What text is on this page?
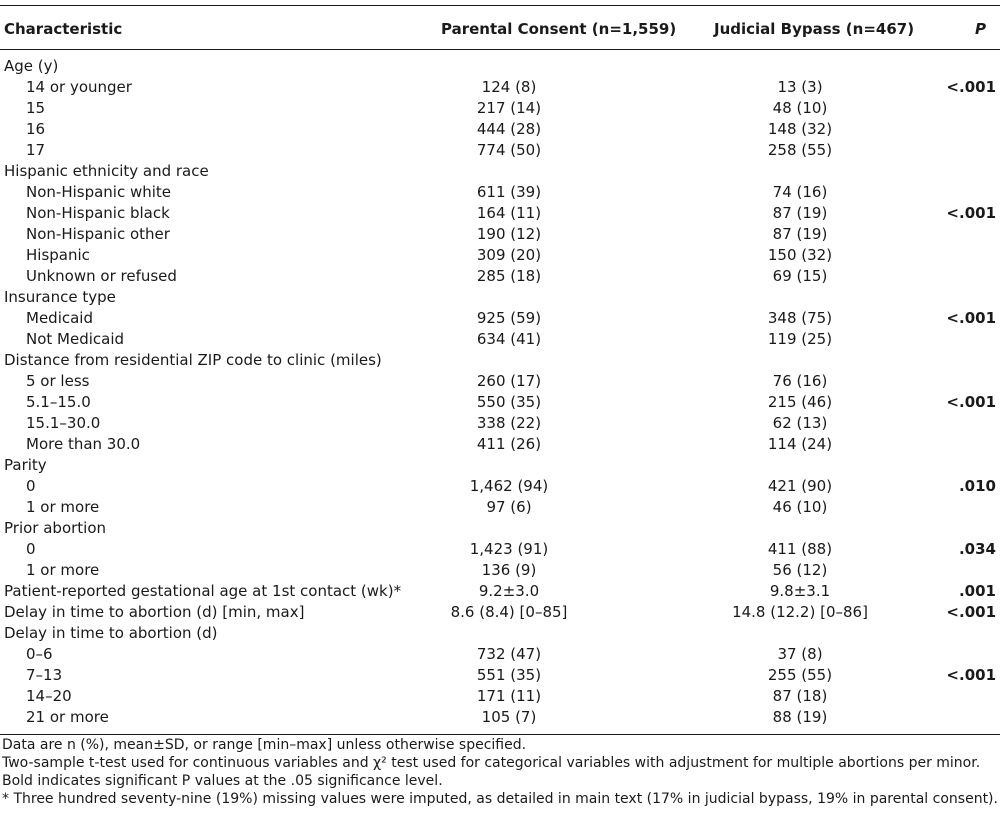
Characteristic	Parental Consent (n=1,559)	Judicial Bypass (n=467)	P
Age (y)
14 or younger	124 (8)	13 (3)	<.001
15	217 (14)	48 (10)
16	444 (28)	148 (32)
17	774 (50)	258 (55)
Hispanic ethnicity and race
Non-Hispanic white	611 (39)	74 (16)
Non-Hispanic black	164 (11)	87 (19)	<.001
Non-Hispanic other	190 (12)	87 (19)
Hispanic	309 (20)	150 (32)
Unknown or refused	285 (18)	69 (15)
Insurance type
Medicaid	925 (59)	348 (75)	<.001
Not Medicaid	634 (41)	119 (25)
Distance from residential ZIP code to clinic (miles)
5 or less	260 (17)	76 (16)
5.1–15.0	550 (35)	215 (46)	<.001
15.1–30.0	338 (22)	62 (13)
More than 30.0	411 (26)	114 (24)
Parity
0	1,462 (94)	421 (90)	.010
1 or more	97 (6)	46 (10)
Prior abortion
0	1,423 (91)	411 (88)	.034
1 or more	136 (9)	56 (12)
Patient-reported gestational age at 1st contact (wk)*	9.2±3.0	9.8±3.1	.001
Delay in time to abortion (d) [min, max]	8.6 (8.4) [0–85]	14.8 (12.2) [0–86]	<.001
Delay in time to abortion (d)
0–6	732 (47)	37 (8)
7–13	551 (35)	255 (55)	<.001
14–20	171 (11)	87 (18)
21 or more	105 (7)	88 (19)

Data are n (%), mean±SD, or range [min–max] unless otherwise specified.

Two-sample t-test used for continuous variables and χ² test used for categorical variables with adjustment for multiple abortions per minor.

Bold indicates significant P values at the .05 significance level.

* Three hundred seventy-nine (19%) missing values were imputed, as detailed in main text (17% in judicial bypass, 19% in parental consent).
